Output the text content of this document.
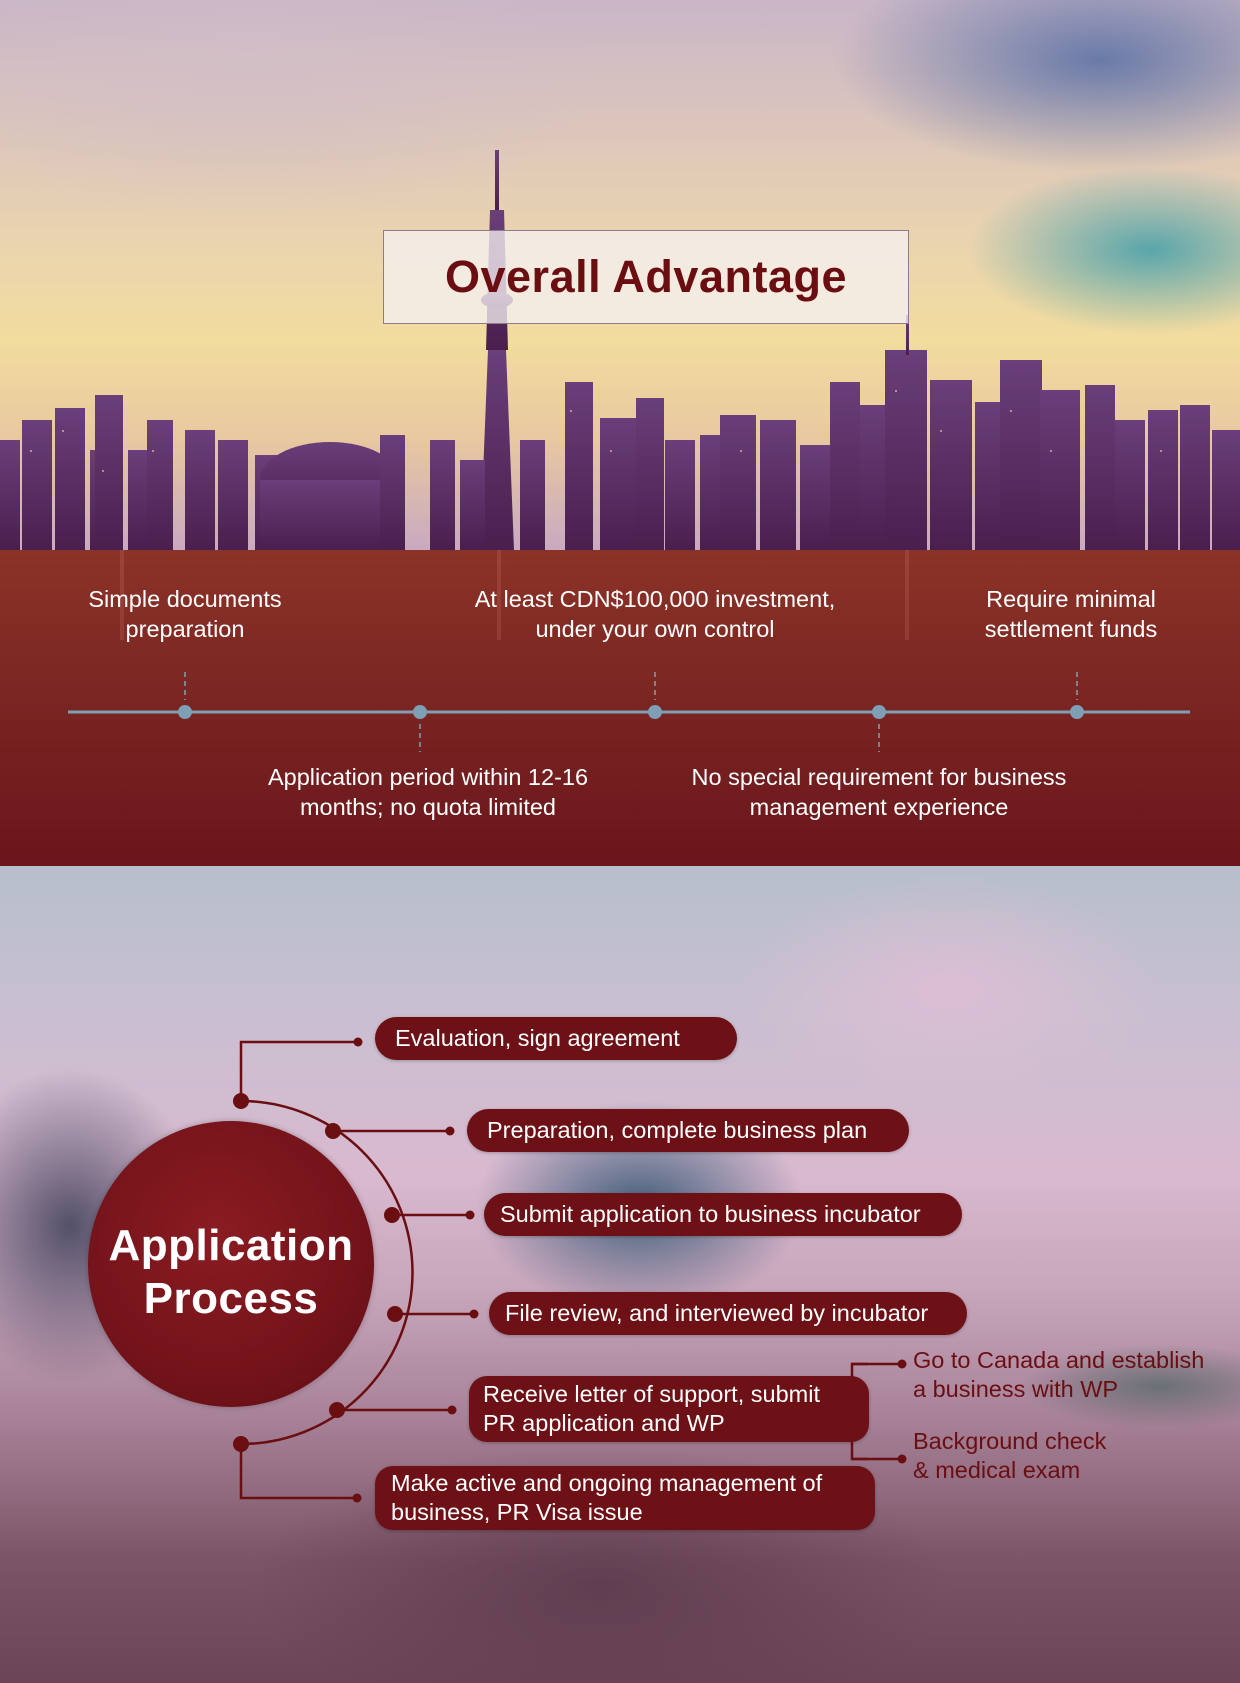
Overall Advantage
Simple documents
preparation
At least CDN$100,000 investment,
under your own control
Require minimal
settlement funds
Application period within 12-16
months; no quota limited
No special requirement for business
management experience
Application
Process
Evaluation, sign agreement
Preparation, complete business plan
Submit application to business incubator
File review, and interviewed by incubator
Receive letter of support, submit
PR application and WP
Make active and ongoing management of
business, PR Visa issue
Go to Canada and establish
a business with WP
Background check
& medical exam
